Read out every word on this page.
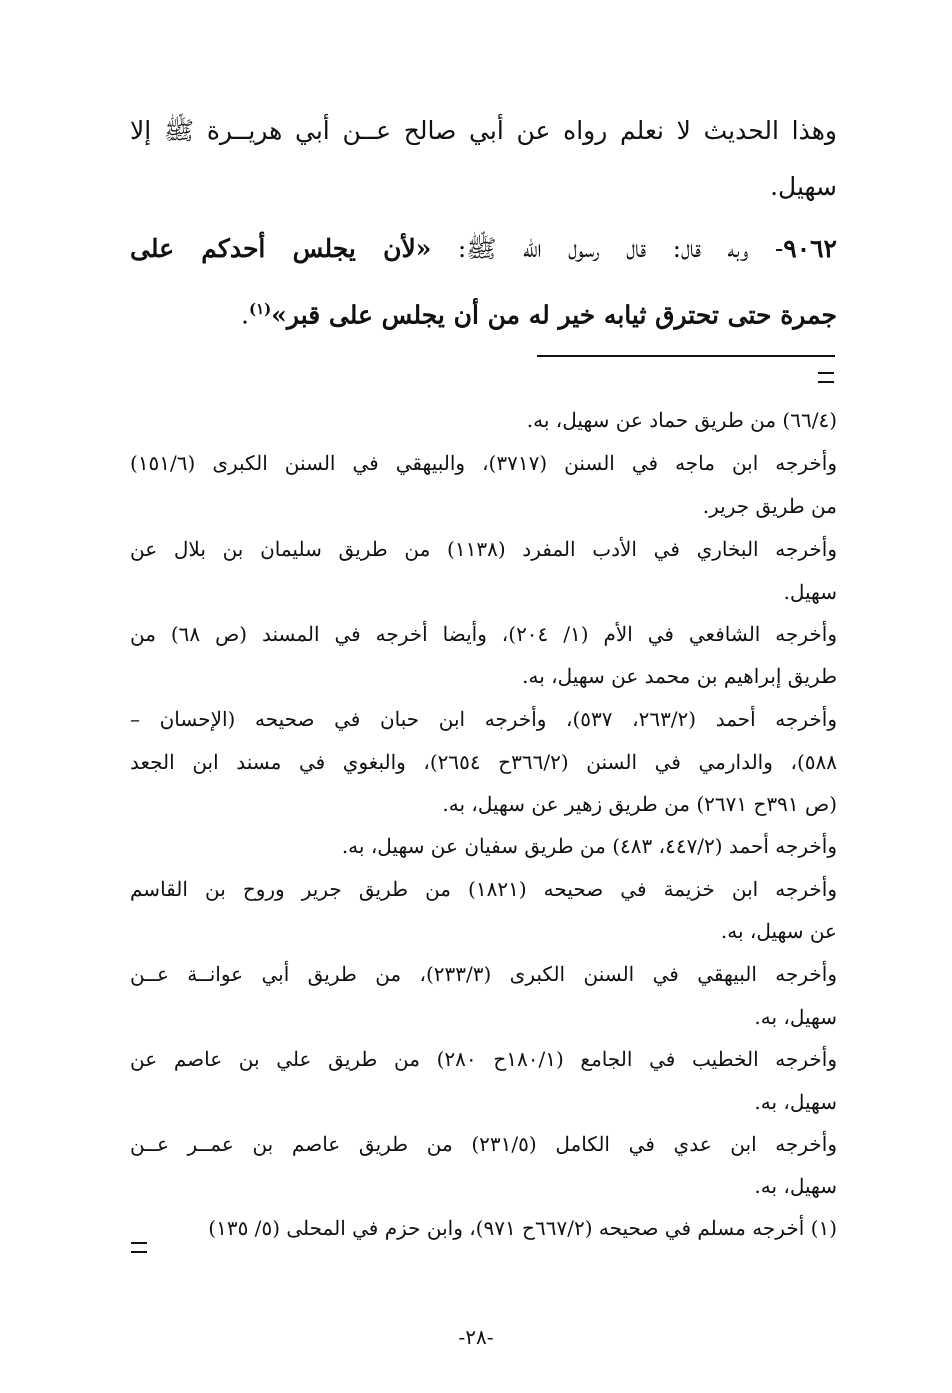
وهذا الحديث لا نعلم رواه عن أبي صالح عــن أبي هريــرة ﷺ إلا
سهيل.
٩٠٦٢- وبه قال: قال رسول الله ﷺ: «لأن يجلس أحدكم على
جمرة حتى تحترق ثيابه خير له من أن يجلس على قبر»$^{(١)}$.
(٦٦/٤) من طريق حماد عن سهيل، به.
وأخرجه ابن ماجه في السنن (٣٧١٧)، والبيهقي في السنن الكبرى (١٥١/٦)
من طريق جرير.
وأخرجه البخاري في الأدب المفرد (١١٣٨) من طريق سليمان بن بلال عن
سهيل.
وأخرجه الشافعي في الأم (١/ ٢٠٤)، وأيضا أخرجه في المسند (ص ٦٨) من
طريق إبراهيم بن محمد عن سهيل، به.
وأخرجه أحمد (٢٦٣/٢، ٥٣٧)، وأخرجه ابن حبان في صحيحه (الإحسان –
٥٨٨)، والدارمي في السنن (٣٦٦/٢ح ٢٦٥٤)، والبغوي في مسند ابن الجعد
(ص ٣٩١ح ٢٦٧١) من طريق زهير عن سهيل، به.
وأخرجه أحمد (٤٤٧/٢، ٤٨٣) من طريق سفيان عن سهيل، به.
وأخرجه ابن خزيمة في صحيحه (١٨٢١) من طريق جرير وروح بن القاسم
عن سهيل، به.
وأخرجه البيهقي في السنن الكبرى (٢٣٣/٣)، من طريق أبي عوانــة عــن
سهيل، به.
وأخرجه الخطيب في الجامع (١٨٠/١ح ٢٨٠) من طريق علي بن عاصم عن
سهيل، به.
وأخرجه ابن عدي في الكامل (٢٣١/٥) من طريق عاصم بن عمــر عــن
سهيل، به.
(١) أخرجه مسلم في صحيحه (٦٦٧/٢ح ٩٧١)، وابن حزم في المحلى (٥/ ١٣٥)
-٢٨-
